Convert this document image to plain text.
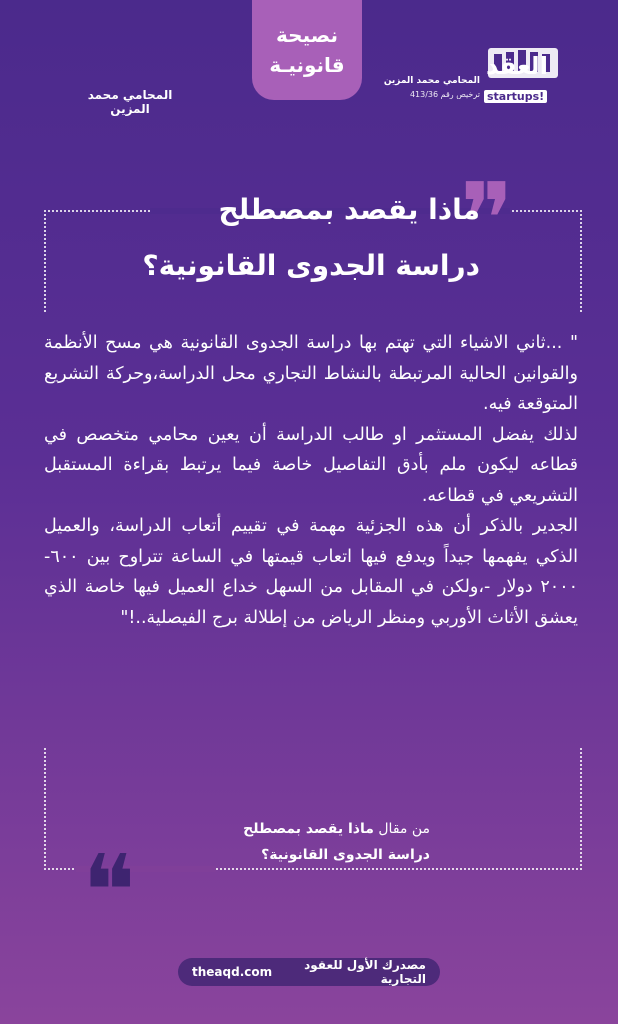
نصيحة
قانونيـة
المحامي محمد المزين
العقد
startups!
المحامي محمد المزين
ترخيص رقم 413/36
❞
❝
ماذا يقصد بمصطلح
دراسة الجدوى القانونية؟

" ...ثاني الاشياء التي تهتم بها دراسة الجدوى القانونية هي مسح الأنظمة والقوانين الحالية المرتبطة بالنشاط التجاري محل الدراسة،وحركة التشريع المتوقعة فيه.

لذلك يفضل المستثمر او طالب الدراسة أن يعين محامي متخصص في قطاعه ليكون ملم بأدق التفاصيل خاصة فيما يرتبط بقراءة المستقبل التشريعي في قطاعه.

الجدير بالذكر أن هذه الجزئية مهمة في تقييم أتعاب الدراسة، والعميل الذكي يفهمها جيداً ويدفع فيها اتعاب قيمتها في الساعة تتراوح بين ٦٠٠- ٢٠٠٠ دولار -،ولكن في المقابل من السهل خداع العميل فيها خاصة الذي يعشق الأثاث الأوربي ومنظر الرياض من إطلالة برج الفيصلية..!"

من مقال ماذا يقصد بمصطلح
دراسة الجدوى القانونية؟
theaqd.com	مصدرك الأول للعقود التجارية
